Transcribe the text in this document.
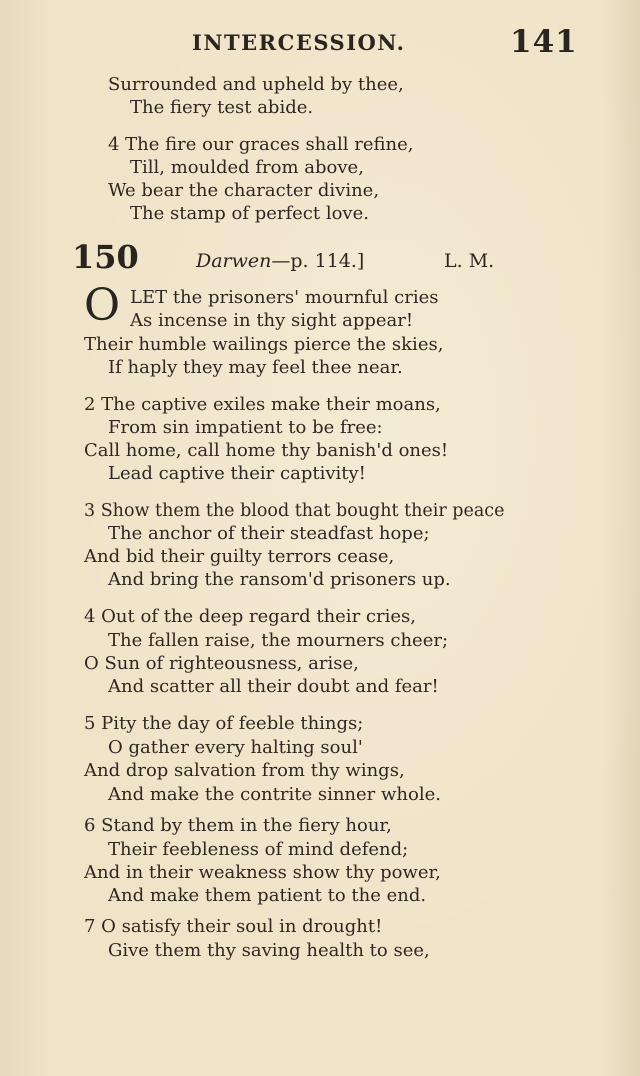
INTERCESSION.	141
Surrounded and upheld by thee,
The fiery test abide.
4 The fire our graces shall refine,
Till, moulded from above,
We bear the character divine,
The stamp of perfect love.
150	Darwen—p. 114.]	L. M.
O LET the prisoners' mournful cries
As incense in thy sight appear!
Their humble wailings pierce the skies,
If haply they may feel thee near.
2 The captive exiles make their moans,
From sin impatient to be free:
Call home, call home thy banish'd ones!
Lead captive their captivity!
3 Show them the blood that bought their peace
The anchor of their steadfast hope;
And bid their guilty terrors cease,
And bring the ransom'd prisoners up.
4 Out of the deep regard their cries,
The fallen raise, the mourners cheer;
O Sun of righteousness, arise,
And scatter all their doubt and fear!
5 Pity the day of feeble things;
O gather every halting soul'
And drop salvation from thy wings,
And make the contrite sinner whole.
6 Stand by them in the fiery hour,
Their feebleness of mind defend;
And in their weakness show thy power,
And make them patient to the end.
7 O satisfy their soul in drought!
Give them thy saving health to see,
